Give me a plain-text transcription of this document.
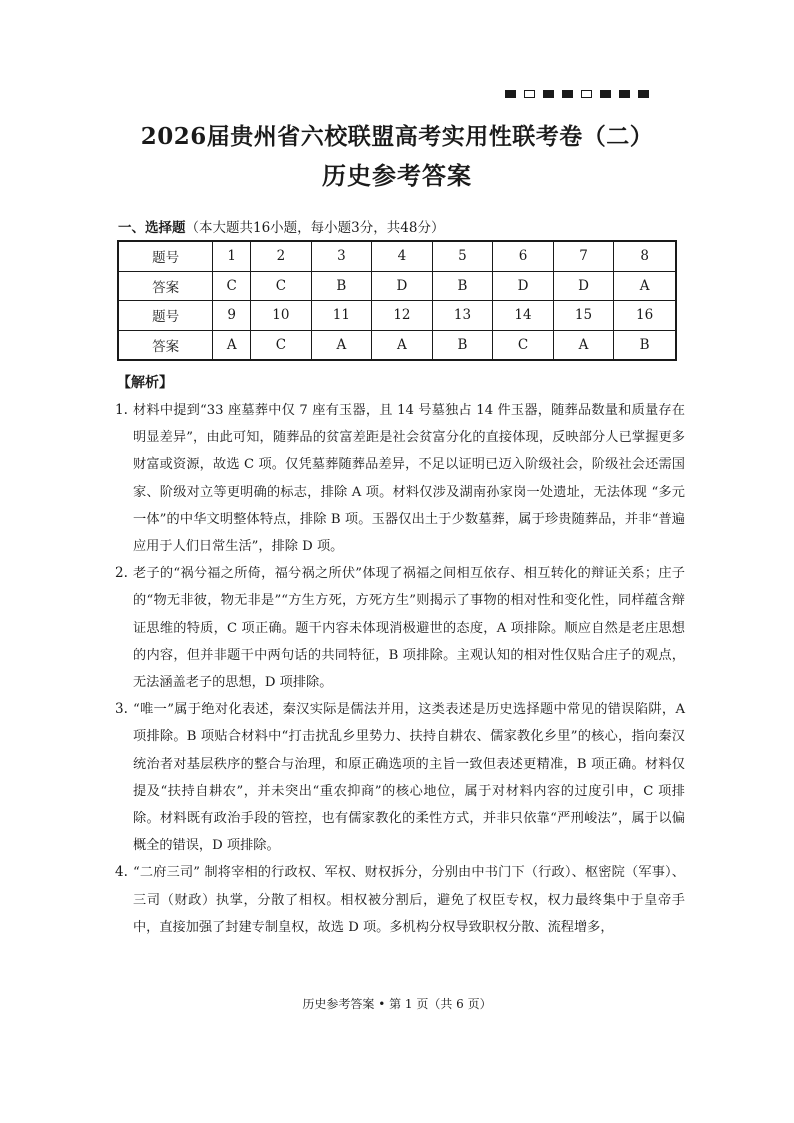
2026届贵州省六校联盟高考实用性联考卷（二）
历史参考答案
一、选择题（本大题共16小题，每小题3分，共48分）
题号	1	2	3	4	5	6	7	8
答案	C	C	B	D	B	D	D	A
题号	9	10	11	12	13	14	15	16
答案	A	C	A	A	B	C	A	B
【解析】
1. 材料中提到“33 座墓葬中仅 7 座有玉器，且 14 号墓独占 14 件玉器，随葬品数量和质量存在明显差异”，由此可知，随葬品的贫富差距是社会贫富分化的直接体现，反映部分人已掌握更多财富或资源，故选 C 项。仅凭墓葬随葬品差异，不足以证明已迈入阶级社会，阶级社会还需国家、阶级对立等更明确的标志，排除 A 项。材料仅涉及湖南孙家岗一处遗址，无法体现 “多元一体”的中华文明整体特点，排除 B 项。玉器仅出土于少数墓葬，属于珍贵随葬品，并非“普遍应用于人们日常生活”，排除 D 项。
2. 老子的“祸兮福之所倚，福兮祸之所伏”体现了祸福之间相互依存、相互转化的辩证关系；庄子的“物无非彼，物无非是”“方生方死，方死方生”则揭示了事物的相对性和变化性，同样蕴含辩证思维的特质，C 项正确。题干内容未体现消极避世的态度，A 项排除。顺应自然是老庄思想的内容，但并非题干中两句话的共同特征，B 项排除。主观认知的相对性仅贴合庄子的观点，无法涵盖老子的思想，D 项排除。
3. “唯一”属于绝对化表述，秦汉实际是儒法并用，这类表述是历史选择题中常见的错误陷阱，A 项排除。B 项贴合材料中“打击扰乱乡里势力、扶持自耕农、儒家教化乡里”的核心，指向秦汉统治者对基层秩序的整合与治理，和原正确选项的主旨一致但表述更精准，B 项正确。材料仅提及“扶持自耕农”，并未突出“重农抑商”的核心地位，属于对材料内容的过度引申，C 项排除。材料既有政治手段的管控，也有儒家教化的柔性方式，并非只依靠“严刑峻法”，属于以偏概全的错误，D 项排除。
4. “二府三司” 制将宰相的行政权、军权、财权拆分，分别由中书门下（行政）、枢密院（军事）、三司（财政）执掌，分散了相权。相权被分割后，避免了权臣专权，权力最终集中于皇帝手中，直接加强了封建专制皇权，故选 D 项。多机构分权导致职权分散、流程增多，
历史参考答案 • 第 1 页（共 6 页）
